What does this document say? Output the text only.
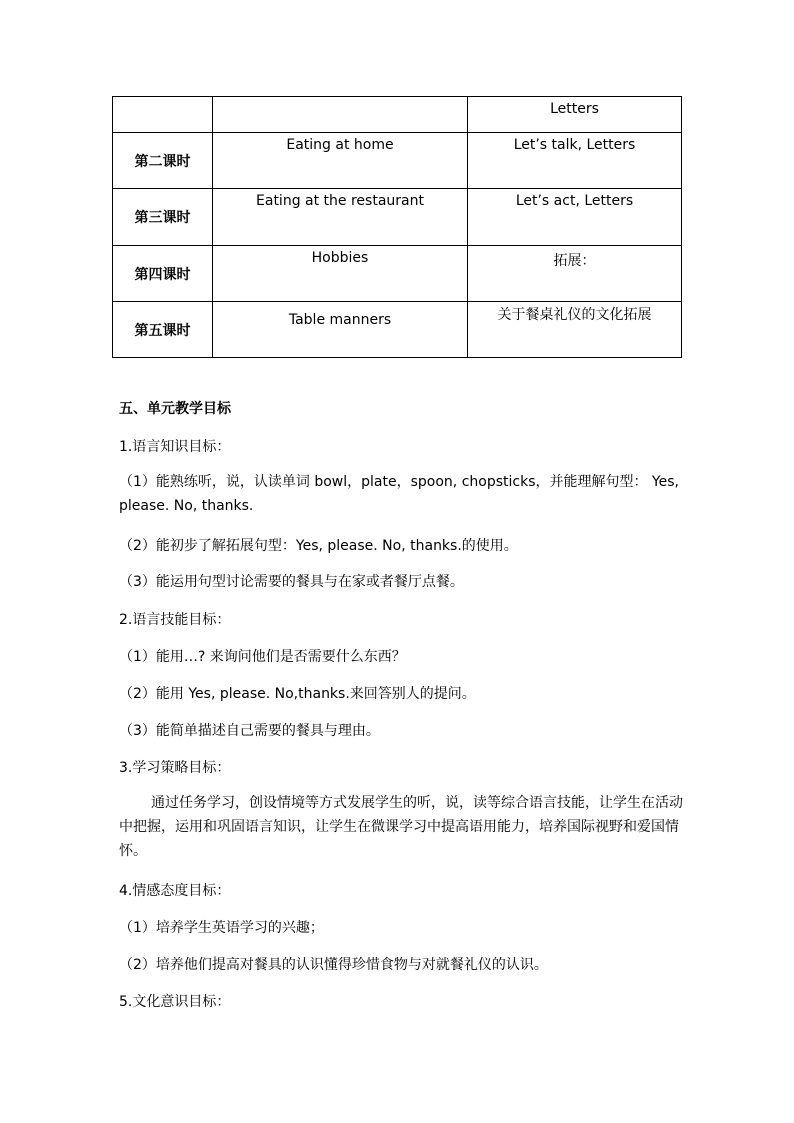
		Letters
第二课时	Eating at home	Let’s talk, Letters
第三课时	Eating at the restaurant	Let’s act, Letters
第四课时	Hobbies	拓展：
第五课时	Table manners	关于餐桌礼仪的文化拓展
五、单元教学目标
1.语言知识目标：
（1）能熟练听，说，认读单词 bowl，plate，spoon, chopsticks，并能理解句型： Yes, please. No, thanks.
（2）能初步了解拓展句型：Yes, please. No, thanks.的使用。
（3）能运用句型讨论需要的餐具与在家或者餐厅点餐。
2.语言技能目标：
（1）能用…? 来询问他们是否需要什么东西？
（2）能用 Yes, please. No,thanks.来回答别人的提问。
（3）能简单描述自己需要的餐具与理由。
3.学习策略目标：
通过任务学习，创设情境等方式发展学生的听，说，读等综合语言技能，让学生在活动中把握，运用和巩固语言知识，让学生在微课学习中提高语用能力，培养国际视野和爱国情怀。
4.情感态度目标：
（1）培养学生英语学习的兴趣；
（2）培养他们提高对餐具的认识懂得珍惜食物与对就餐礼仪的认识。
5.文化意识目标：
